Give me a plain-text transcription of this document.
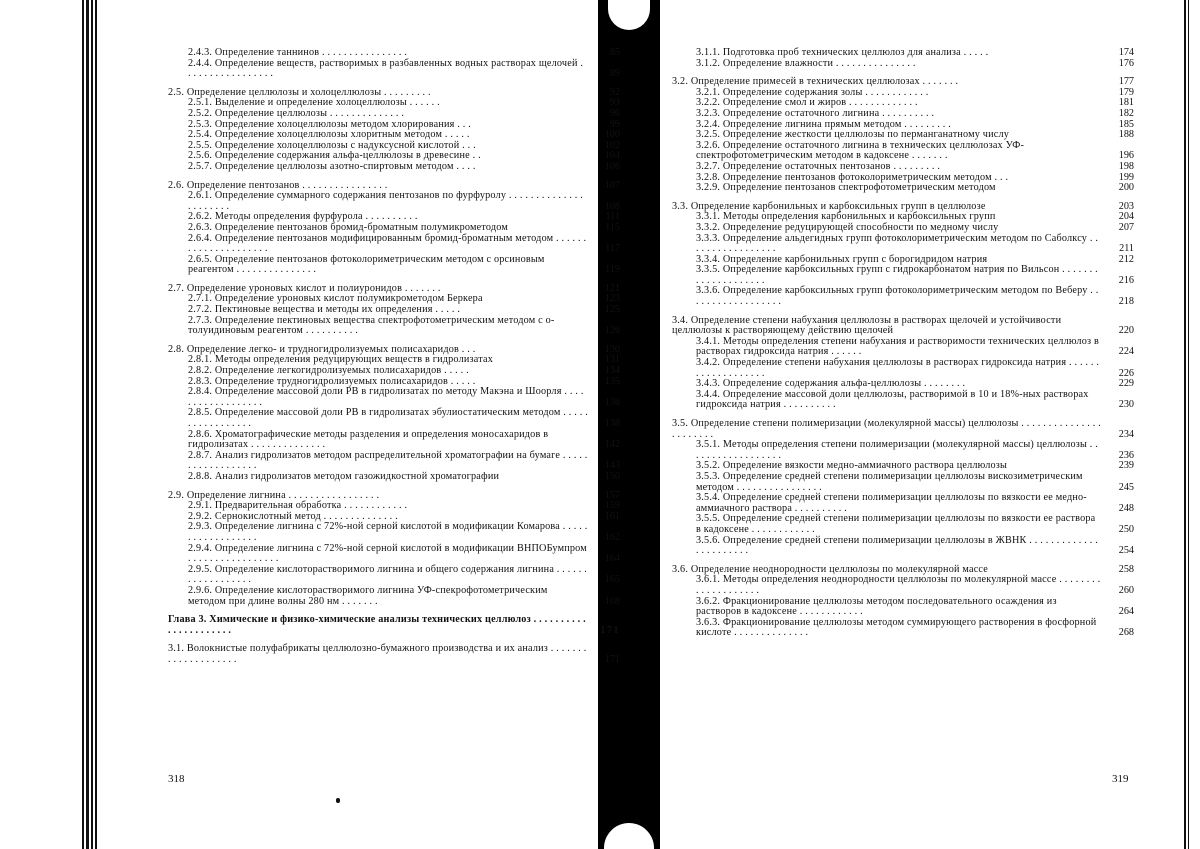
2.4.3. Определение таннинов . . . . . . . . . . . . . . . .	85
2.4.4. Определение веществ, растворимых в разбавленных водных растворах щелочей . . . . . . . . . . . . . . . . .	89
2.5. Определение целлюлозы и холоцеллюлозы . . . . . . . . .	92
2.5.1. Выделение и определение холоцеллюлозы . . . . . .	93
2.5.2. Определение целлюлозы . . . . . . . . . . . . . .	96
2.5.3. Определение холоцеллюлозы методом хлорирования . . .	99
2.5.4. Определение холоцеллюлозы хлоритным методом . . . . .	100
2.5.5. Определение холоцеллюлозы с надуксусной кислотой . . .	102
2.5.6. Определение содержания альфа-целлюлозы в древесине . .	104
2.5.7. Определение целлюлозы азотно-спиртовым методом . . . .	106
2.6. Определение пентозанов . . . . . . . . . . . . . . . .	107
2.6.1. Определение суммарного содержания пентозанов по фурфуролу . . . . . . . . . . . . . . . . . . . . . .	108
2.6.2. Методы определения фурфурола . . . . . . . . . .	111
2.6.3. Определение пентозанов бромид-броматным полумикрометодом	115
2.6.4. Определение пентозанов модифицированным бромид-броматным методом . . . . . . . . . . . . . . . . . . . . .	117
2.6.5. Определение пентозанов фотоколориметрическим методом с орсиновым реагентом . . . . . . . . . . . . . . .	119
2.7. Определение уроновых кислот и полиуронидов . . . . . . .	121
2.7.1. Определение уроновых кислот полумикрометодом Беркера	123
2.7.2. Пектиновые вещества и методы их определения . . . . .	125
2.7.3. Определение пектиновых вещества спектрофотометрическим методом с о-толуидиновым реагентом . . . . . . . . . .	126
2.8. Определение легко- и трудногидролизуемых полисахаридов . . .	130
2.8.1. Методы определения редуцирующих веществ в гидролизатах	131
2.8.2. Определение легкогидролизуемых полисахаридов . . . . .	134
2.8.3. Определение трудногидролизуемых полисахаридов . . . . .	135
2.8.4. Определение массовой доли РВ в гидролизатах по методу Макэна и Шоорля . . . . . . . . . . . . . . . . . .	136
2.8.5. Определение массовой доли РВ в гидролизатах эбулиостатическим методом . . . . . . . . . . . . . . . . .	138
2.8.6. Хроматографические методы разделения и определения моносахаридов в гидролизатах . . . . . . . . . . . . . .	142
2.8.7. Анализ гидролизатов методом распределительной хроматографии на бумаге . . . . . . . . . . . . . . . . . .	143
2.8.8. Анализ гидролизатов методом газожидкостной хроматографии	150
2.9. Определение лигнина . . . . . . . . . . . . . . . . .	157
2.9.1. Предварительная обработка . . . . . . . . . . . .	159
2.9.2. Сернокислотный метод . . . . . . . . . . . . . .	161
2.9.3. Определение лигнина с 72%-ной серной кислотой в модификации Комарова . . . . . . . . . . . . . . . . . .	162
2.9.4. Определение лигнина с 72%-ной серной кислотой в модификации ВНПОБумпром . . . . . . . . . . . . . . . . .	164
2.9.5. Определение кислоторастворимого лигнина и общего содержания лигнина . . . . . . . . . . . . . . . . . .	165
2.9.6. Определение кислоторастворимого лигнина УФ-спекрофотометрическим методом при длине волны 280 нм . . . . . . .	168
Глава 3. Химические и физико-химические анализы технических целлюлоз . . . . . . . . . . . . . . . . . . . . . .	171
3.1. Волокнистые полуфабрикаты целлюлозно-бумажного производства и их анализ . . . . . . . . . . . . . . . . . . . .	171
3.1.1. Подготовка проб технических целлюлоз для анализа . . . . .	174
3.1.2. Определение влажности . . . . . . . . . . . . . . .	176
3.2. Определение примесей в технических целлюлозах . . . . . . .	177
3.2.1. Определение содержания золы . . . . . . . . . . . .	179
3.2.2. Определение смол и жиров . . . . . . . . . . . . .	181
3.2.3. Определение остаточного лигнина . . . . . . . . . .	182
3.2.4. Определение лигнина прямым методом . . . . . . . . .	185
3.2.5. Определение жесткости целлюлозы по перманганатному числу	188
3.2.6. Определение остаточного лигнина в технических целлюлозах УФ-спектрофотометрическим методом в кадоксене . . . . . . .	196
3.2.7. Определение остаточных пентозанов . . . . . . . . .	198
3.2.8. Определение пентозанов фотоколориметрическим методом . . .	199
3.2.9. Определение пентозанов спектрофотометрическим методом	200
3.3. Определение карбонильных и карбоксильных групп в целлюлозе	203
3.3.1. Методы определения карбонильных и карбоксильных групп	204
3.3.2. Определение редуцирующей способности по медному числу	207
3.3.3. Определение альдегидных групп фотоколориметрическим методом по Саболксу . . . . . . . . . . . . . . . . .	211
3.3.4. Определение карбонильных групп с борогидридом натрия	212
3.3.5. Определение карбоксильных групп с гидрокарбонатом натрия по Вильсон . . . . . . . . . . . . . . . . . . . .	216
3.3.6. Определение карбоксильных групп фотоколориметрическим методом по Веберу . . . . . . . . . . . . . . . . . .	218
3.4. Определение степени набухания целлюлозы в растворах щелочей и устойчивости целлюлозы к растворяющему действию щелочей	220
3.4.1. Методы определения степени набухания и растворимости технических целлюлоз в растворах гидроксида натрия . . . . . .	224
3.4.2. Определение степени набухания целлюлозы в растворах гидроксида натрия . . . . . . . . . . . . . . . . . . .	226
3.4.3. Определение содержания альфа-целлюлозы . . . . . . . .	229
3.4.4. Определение массовой доли целлюлозы, растворимой в 10 и 18%-ных растворах гидроксида натрия . . . . . . . . . .	230
3.5. Определение степени полимеризации (молекулярной массы) целлюлозы . . . . . . . . . . . . . . . . . . . . . . .	234
3.5.1. Методы определения степени полимеризации (молекулярной массы) целлюлозы . . . . . . . . . . . . . . . . . .	236
3.5.2. Определение вязкости медно-аммиачного раствора целлюлозы	239
3.5.3. Определение средней степени полимеризации целлюлозы вискозиметрическим методом . . . . . . . . . . . . . . . .	245
3.5.4. Определение средней степени полимеризации целлюлозы по вязкости ее медно-аммиачного раствора . . . . . . . . . .	248
3.5.5. Определение средней степени полимеризации целлюлозы по вязкости ее раствора в кадоксене . . . . . . . . . . . .	250
3.5.6. Определение средней степени полимеризации целлюлозы в ЖВНК . . . . . . . . . . . . . . . . . . . . . . .	254
3.6. Определение неоднородности целлюлозы по молекулярной массе	258
3.6.1. Методы определения неоднородности целлюлозы по молекулярной массе . . . . . . . . . . . . . . . . . . . .	260
3.6.2. Фракционирование целлюлозы методом последовательного осаждения из растворов в кадоксене . . . . . . . . . . . .	264
3.6.3. Фракционирование целлюлозы методом суммирующего растворения в фосфорной кислоте . . . . . . . . . . . . . .	268
318	319
